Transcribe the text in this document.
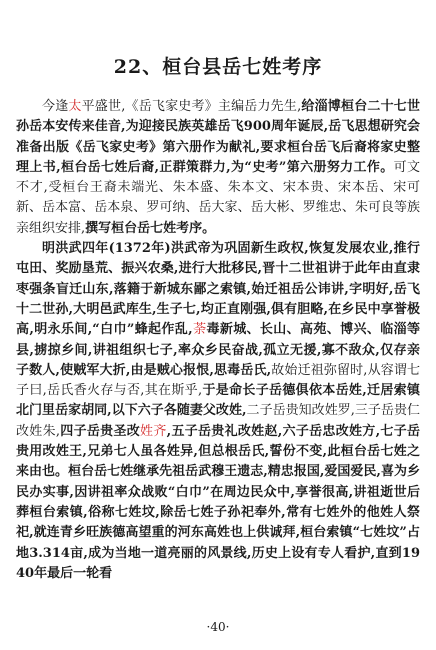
22、桓台县岳七姓考序

今逢太平盛世,《岳飞家史考》主编岳力先生,给淄博桓台二十七世孙岳本安传来佳音,为迎接民族英雄岳飞900周年诞辰,岳飞思想研究会准备出版《岳飞家史考》第六册作为献礼,要求桓台岳飞后裔将家史整理上书,桓台岳七姓后裔,正群策群力,为“史考”第六册努力工作。可文不才,受桓台王裔未端光、朱本盛、朱本文、宋本贵、宋本岳、宋可新、岳本富、岳本泉、罗可纳、岳大家、岳大彬、罗维忠、朱可良等族亲组织安排,撰写桓台岳七姓考序。

明洪武四年(1372年)洪武帝为巩固新生政权,恢复发展农业,推行屯田、奖励垦荒、振兴农桑,进行大批移民,晋十二世祖讲于此年由直隶枣强条盲迁山东,落籍于新城东鄙之索镇,始迁祖岳公讳讲,字明好,岳飞十二世孙,大明邑武库生,生子七,均正直刚强,俱有胆略,在乡民中享誉极高,明永乐间,“白巾”蜂起作乱,荼毒新城、长山、高苑、博兴、临淄等县,掳掠乡间,讲祖组织七子,率众乡民奋战,孤立无援,寡不敌众,仅存亲子数人,使贼军大折,由是贼心报恨,思毒岳氏,故始迁祖弥留时,从容谓七子曰,岳氏香火存与否,其在斯乎,于是命长子岳德俱依本岳姓,迁居索镇北门里岳家胡同,以下六子各随妻父改姓,二子岳贵知改姓罗,三子岳贵仁改姓朱,四子岳贵圣改姓齐,五子岳贵礼改姓赵,六子岳忠改姓方,七子岳贵用改姓王,兄弟七人虽各姓异,但总根岳氏,誓份不变,此桓台岳七姓之来由也。桓台岳七姓继承先祖岳武穆王遗志,精忠报国,爱国爱民,喜为乡民办实事,因讲祖率众战败“白巾”在周边民众中,享誉很高,讲祖逝世后葬桓台索镇,俗称七姓坟,除岳七姓子孙祀奉外,常有七姓外的他姓人祭祀,就连青乡旺族德高望重的河东高姓也上供诚拜,桓台索镇“七姓坟”占地3.314亩,成为当地一道亮丽的风景线,历史上设有专人看护,直到1940年最后一轮看

·40·
